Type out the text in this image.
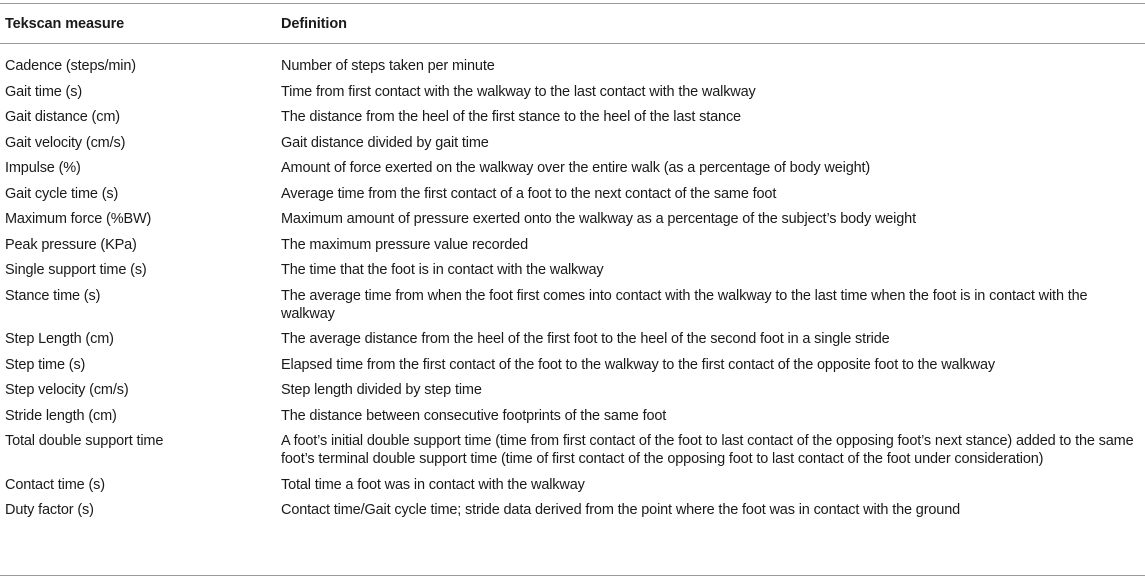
Tekscan measure	Definition
Cadence (steps/min)	Number of steps taken per minute
Gait time (s)	Time from first contact with the walkway to the last contact with the walkway
Gait distance (cm)	The distance from the heel of the first stance to the heel of the last stance
Gait velocity (cm/s)	Gait distance divided by gait time
Impulse (%)	Amount of force exerted on the walkway over the entire walk (as a percentage of body weight)
Gait cycle time (s)	Average time from the first contact of a foot to the next contact of the same foot
Maximum force (%BW)	Maximum amount of pressure exerted onto the walkway as a percentage of the subject’s body weight
Peak pressure (KPa)	The maximum pressure value recorded
Single support time (s)	The time that the foot is in contact with the walkway
Stance time (s)	The average time from when the foot first comes into contact with the walkway to the last time when the foot is in contact with the walkway
Step Length (cm)	The average distance from the heel of the first foot to the heel of the second foot in a single stride
Step time (s)	Elapsed time from the first contact of the foot to the walkway to the first contact of the opposite foot to the walkway
Step velocity (cm/s)	Step length divided by step time
Stride length (cm)	The distance between consecutive footprints of the same foot
Total double support time	A foot’s initial double support time (time from first contact of the foot to last contact of the opposing foot’s next stance) added to the same foot’s terminal double support time (time of first contact of the opposing foot to last contact of the foot under consideration)
Contact time (s)	Total time a foot was in contact with the walkway
Duty factor (s)	Contact time/Gait cycle time; stride data derived from the point where the foot was in contact with the ground
